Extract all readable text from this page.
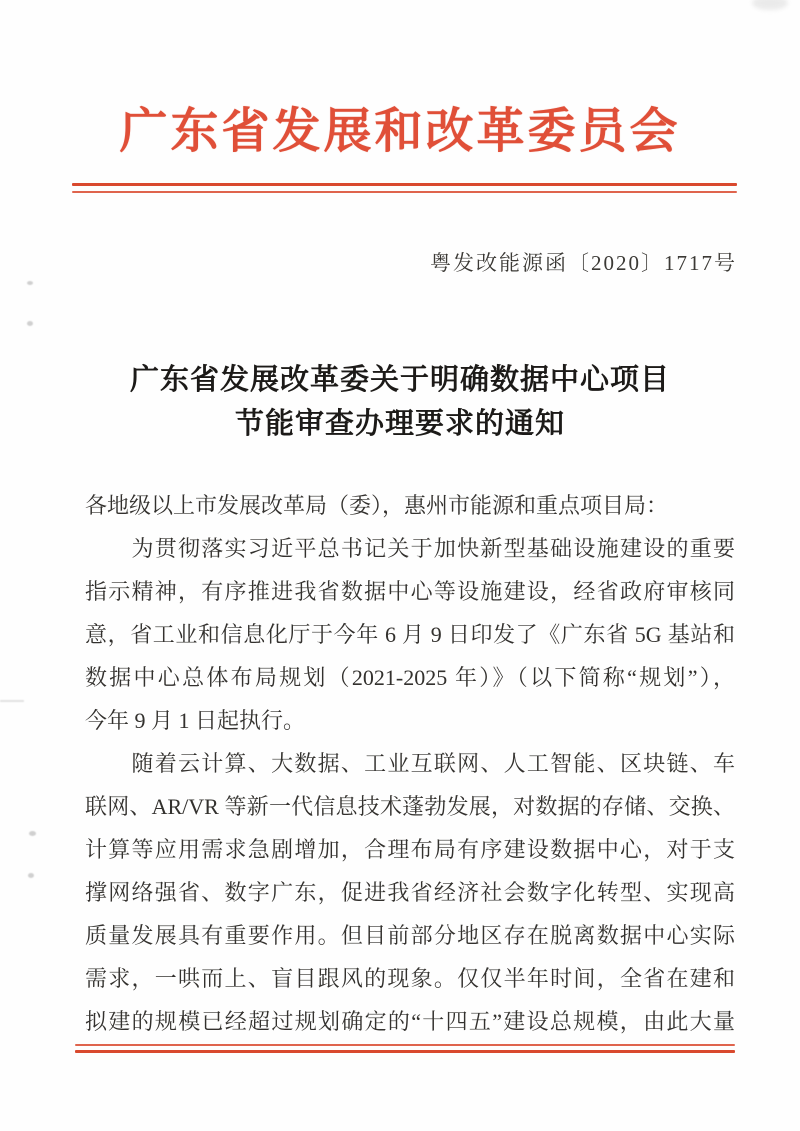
广东省发展和改革委员会
粤发改能源函〔2020〕1717号
广东省发展改革委关于明确数据中心项目
节能审查办理要求的通知
各地级以上市发展改革局（委），惠州市能源和重点项目局：
　　为贯彻落实习近平总书记关于加快新型基础设施建设的重要
指示精神，有序推进我省数据中心等设施建设，经省政府审核同
意，省工业和信息化厅于今年 6 月 9 日印发了《广东省 5G 基站和
数据中心总体布局规划（2021-2025 年）》（以下简称“规划”），
今年 9 月 1 日起执行。
　　随着云计算、大数据、工业互联网、人工智能、区块链、车
联网、AR/VR 等新一代信息技术蓬勃发展，对数据的存储、交换、
计算等应用需求急剧增加，合理布局有序建设数据中心，对于支
撑网络强省、数字广东，促进我省经济社会数字化转型、实现高
质量发展具有重要作用。但目前部分地区存在脱离数据中心实际
需求，一哄而上、盲目跟风的现象。仅仅半年时间，全省在建和
拟建的规模已经超过规划确定的“十四五”建设总规模，由此大量
